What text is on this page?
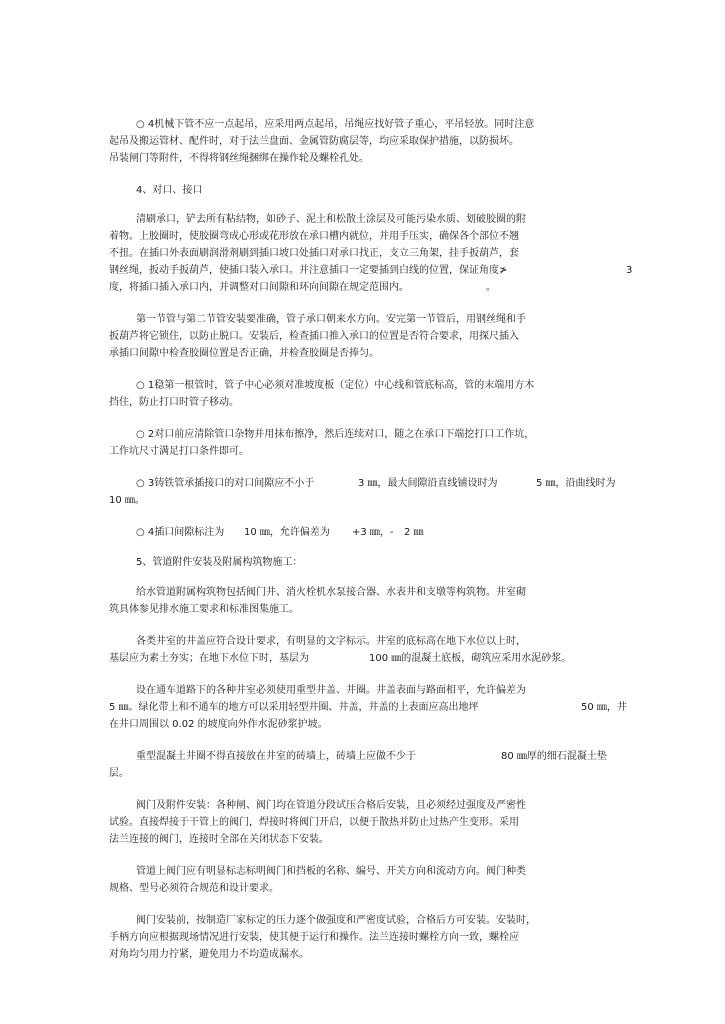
○ 4机械下管不应一点起吊，应采用两点起吊，吊绳应找好管子重心，平吊轻放。同时注意

起吊及搬运管材、配件时，对于法兰盘面、金属管防腐层等，均应采取保护措施，以防损坏。

吊装闸门等附件，不得将钢丝绳捆绑在操作轮及螺栓孔处。

4、对口、接口

清刷承口，铲去所有粘结物，如砂子、泥土和松散土涂层及可能污染水质、划破胶圈的附

着物。上胶圈时，使胶圈弯成心形或花形放在承口槽内就位，并用手压实，确保各个部位不翘

不扭。在插口外表面刷润滑剂刷到插口坡口处插口对承口找正，支立三角架，挂手扳葫芦，套

钢丝绳，扳动手扳葫芦，使插口装入承口。并注意插口一定要插到白线的位置，保证角度≯	3

度，将插口插入承口内，并调整对口间隙和环向间隙在规定范围内。	。

第一节管与第二节管安装要准确，管子承口朝来水方向。安完第一节管后，用钢丝绳和手

扳葫芦将它锁住，以防止脱口。安装后，检查插口推入承口的位置是否符合要求，用探尺插入

承插口间隙中检查胶圈位置是否正确，并检查胶圈是否捧匀。

○ 1稳第一根管时，管子中心必须对准坡度板（定位）中心线和管底标高，管的末端用方木

挡住，防止打口时管子移动。

○ 2对口前应清除管口杂物并用抹布擦净，然后连续对口，随之在承口下端挖打口工作坑，

工作坑尺寸满足打口条件即可。

○ 3铸铁管承插接口的对口间隙应不小于	3 ㎜，最大间隙沿直线铺设时为	5 ㎜，沿曲线时为

10 ㎜。

○ 4插口间隙标注为 10 ㎜，允许偏差为 +3 ㎜，- 2 ㎜

5、管道附件安装及附属构筑物施工：

给水管道附属构筑物包括阀门井、消火栓机水泵接合器、水表井和支墩等构筑物。井室砌

筑具体参见排水施工要求和标准图集施工。

各类井室的井盖应符合设计要求，有明显的文字标示。井室的底标高在地下水位以上时，

基层应为素土夯实；在地下水位下时，基层为	100 ㎜的混凝土底板，砌筑应采用水泥砂浆。

设在通车道路下的各种井室必须使用重型井盖、井圈。井盖表面与路面相平，允许偏差为

5 ㎜。绿化带上和不通车的地方可以采用轻型井圈、井盖，井盖的上表面应高出地坪	50 ㎜，井

在井口周围以 0.02 的坡度向外作水泥砂浆护坡。

重型混凝土井圈不得直接放在井室的砖墙上，砖墙上应做不少于	80 ㎜厚的细石混凝土垫

层。

阀门及附件安装：各种闸、阀门均在管道分段试压合格后安装，且必须经过强度及严密性

试验。直接焊接于干管上的阀门，焊接时将阀门开启，以便于散热并防止过热产生变形。采用

法兰连接的阀门，连接时全部在关闭状态下安装。

管道上阀门应有明显标志标明阀门和挡板的名称、编号、开关方向和流动方向。阀门种类

规格、型号必须符合规范和设计要求。

阀门安装前，按制造厂家标定的压力逐个做强度和严密度试验，合格后方可安装。安装时，

手柄方向应根据现场情况进行安装，使其便于运行和操作。法兰连接时螺栓方向一致，螺栓应

对角均匀用力拧紧，避免用力不均造成漏水。
